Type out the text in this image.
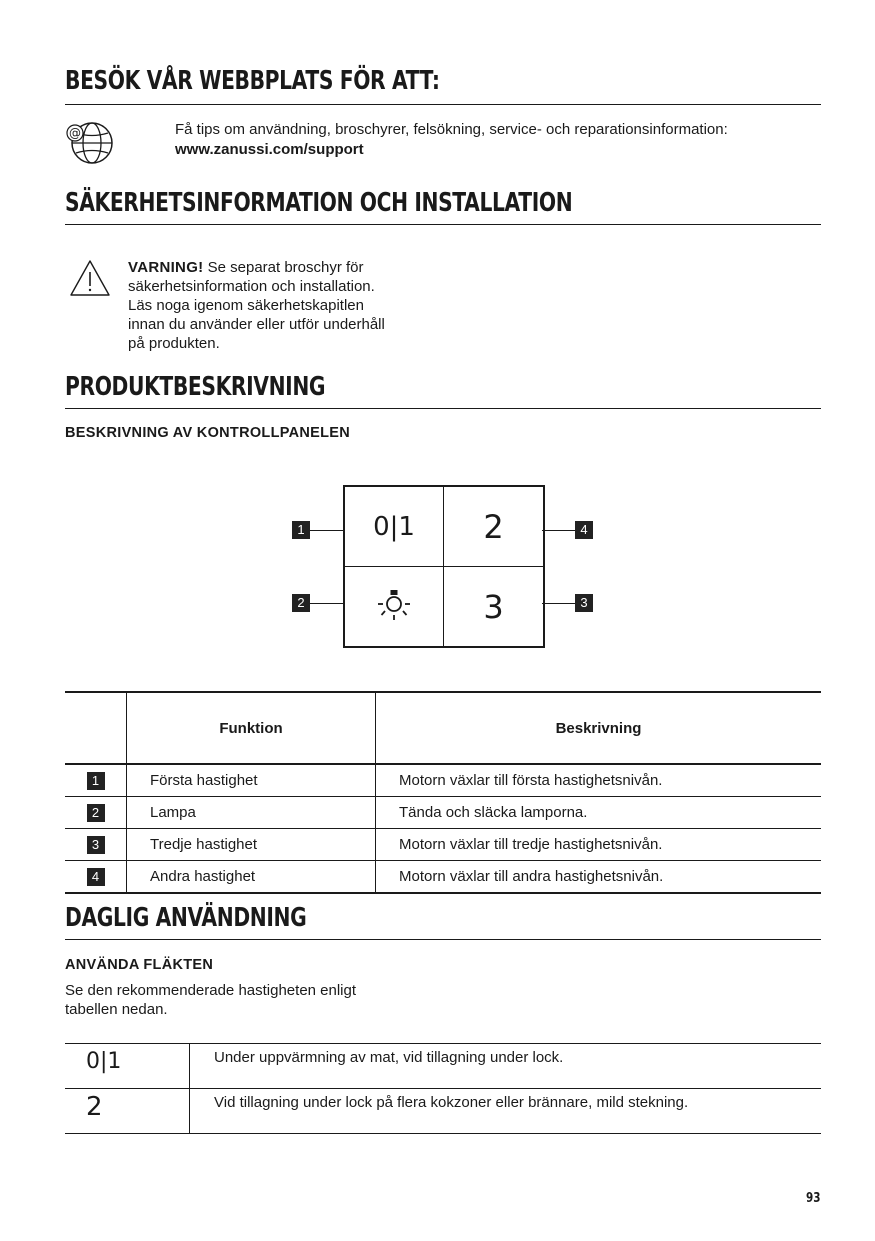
BESÖK VÅR WEBBPLATS FÖR ATT:
@	Få tips om användning, broschyrer, felsökning, service- och reparationsinformation:
www.zanussi.com/support
SÄKERHETSINFORMATION OCH INSTALLATION
VARNING! Se separat broschyr för
säkerhetsinformation och installation.
Läs noga igenom säkerhetskapitlen
innan du använder eller utför underhåll
på produkten.
PRODUKTBESKRIVNING
BESKRIVNING AV KONTROLLPANELEN
0|1	2
3
1
2
4
3
	Funktion	Beskrivning
1	Första hastighet	Motorn växlar till första hastighetsnivån.
2	Lampa	Tända och släcka lamporna.
3	Tredje hastighet	Motorn växlar till tredje hastighetsnivån.
4	Andra hastighet	Motorn växlar till andra hastighetsnivån.
DAGLIG ANVÄNDNING
ANVÄNDA FLÄKTEN
Se den rekommenderade hastigheten enligt
tabellen nedan.
0|1	Under uppvärmning av mat, vid tillagning under lock.
2	Vid tillagning under lock på flera kokzoner eller brännare, mild stekning.
93
